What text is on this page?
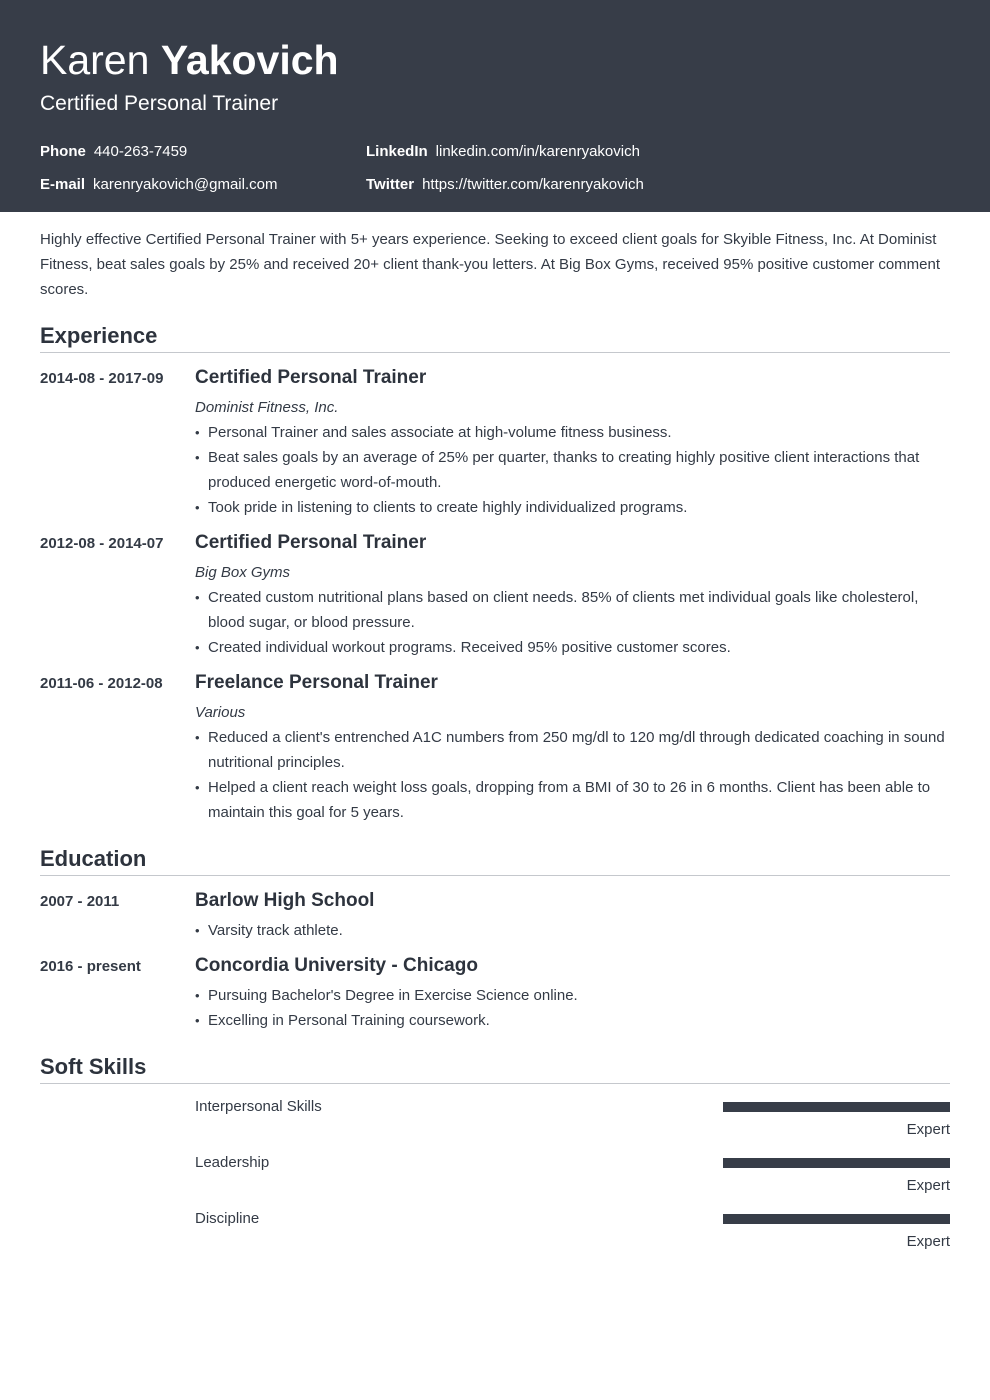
Karen Yakovich
Certified Personal Trainer
Phone 440-263-7459	LinkedIn linkedin.com/in/karenryakovich
E-mail karenryakovich@gmail.com	Twitter https://twitter.com/karenryakovich
Highly effective Certified Personal Trainer with 5+ years experience. Seeking to exceed client goals for Skyible Fitness, Inc. At Dominist Fitness, beat sales goals by 25% and received 20+ client thank-you letters. At Big Box Gyms, received 95% positive customer comment scores.
Experience
2014-08 - 2017-09 Certified Personal Trainer
Dominist Fitness, Inc.
• Personal Trainer and sales associate at high-volume fitness business.
• Beat sales goals by an average of 25% per quarter, thanks to creating highly positive client interactions that produced energetic word-of-mouth.
• Took pride in listening to clients to create highly individualized programs.
2012-08 - 2014-07 Certified Personal Trainer
Big Box Gyms
• Created custom nutritional plans based on client needs. 85% of clients met individual goals like cholesterol, blood sugar, or blood pressure.
• Created individual workout programs. Received 95% positive customer scores.
2011-06 - 2012-08 Freelance Personal Trainer
Various
• Reduced a client's entrenched A1C numbers from 250 mg/dl to 120 mg/dl through dedicated coaching in sound nutritional principles.
• Helped a client reach weight loss goals, dropping from a BMI of 30 to 26 in 6 months. Client has been able to maintain this goal for 5 years.
Education
2007 - 2011	Barlow High School
• Varsity track athlete.
2016 - present	Concordia University - Chicago
• Pursuing Bachelor's Degree in Exercise Science online.
• Excelling in Personal Training coursework.
Soft Skills
Interpersonal Skills
Expert
Leadership
Expert
Discipline
Expert
